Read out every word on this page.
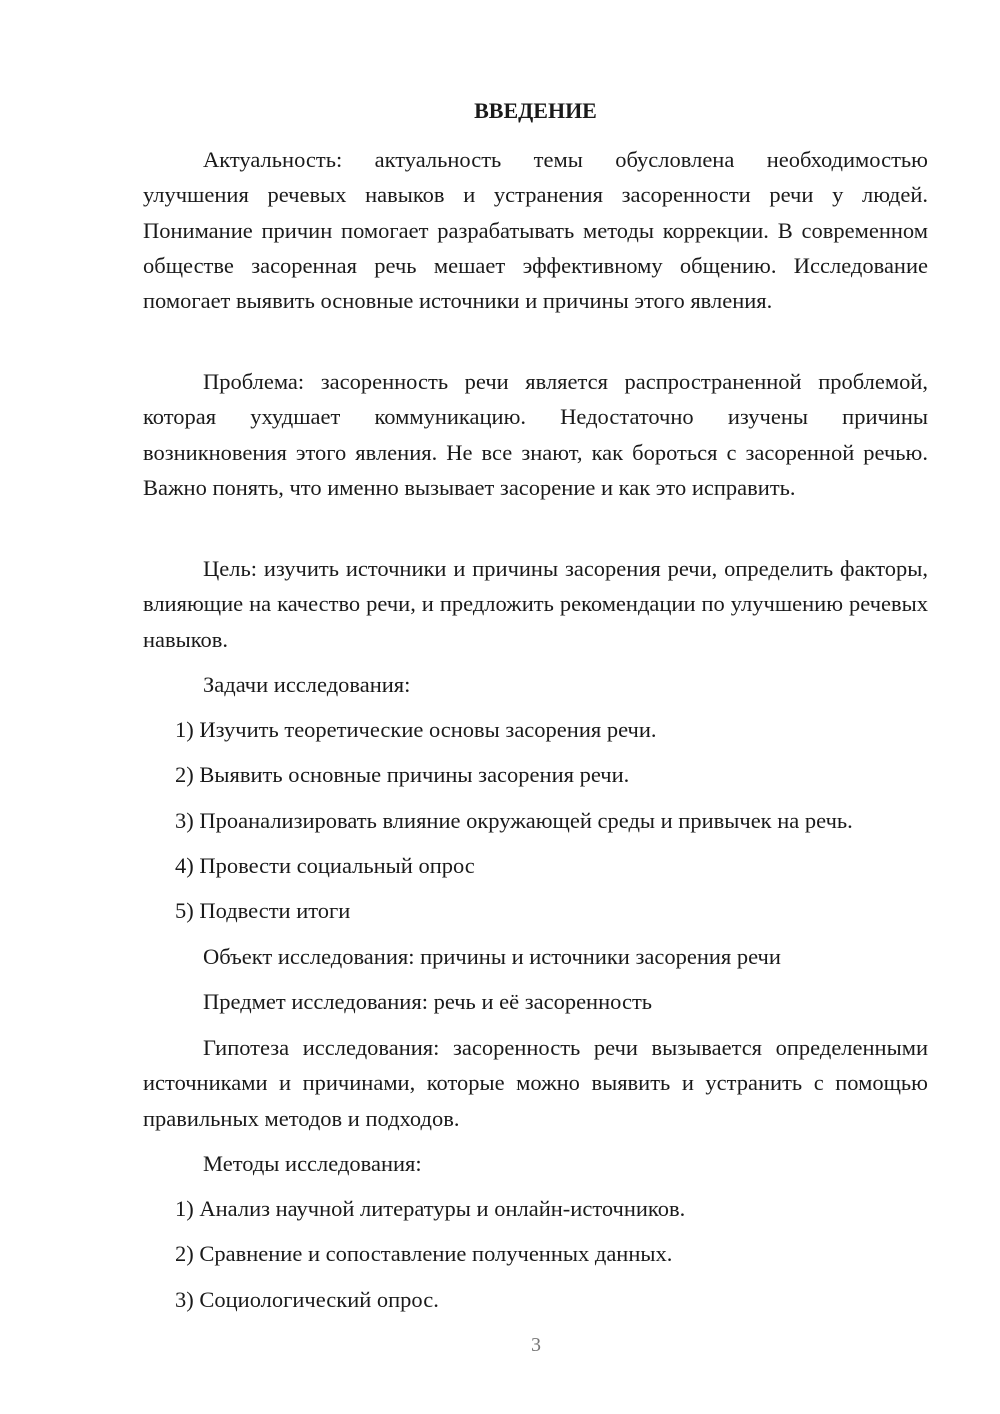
ВВЕДЕНИЕ

Актуальность: актуальность темы обусловлена необходимостью улучшения речевых навыков и устранения засоренности речи у людей. Понимание причин помогает разрабатывать методы коррекции. В современном обществе засоренная речь мешает эффективному общению. Исследование помогает выявить основные источники и причины этого явления.

Проблема: засоренность речи является распространенной проблемой, которая ухудшает коммуникацию. Недостаточно изучены причины возникновения этого явления. Не все знают, как бороться с засоренной речью. Важно понять, что именно вызывает засорение и как это исправить.

Цель: изучить источники и причины засорения речи, определить факторы, влияющие на качество речи, и предложить рекомендации по улучшению речевых навыков.

Задачи исследования:

1) Изучить теоретические основы засорения речи.

2) Выявить основные причины засорения речи.

3) Проанализировать влияние окружающей среды и привычек на речь.

4) Провести социальный опрос

5) Подвести итоги

Объект исследования: причины и источники засорения речи

Предмет исследования: речь и её засоренность

Гипотеза исследования: засоренность речи вызывается определенными источниками и причинами, которые можно выявить и устранить с помощью правильных методов и подходов.

Методы исследования:

1) Анализ научной литературы и онлайн-источников.

2) Сравнение и сопоставление полученных данных.

3) Социологический опрос.

3
